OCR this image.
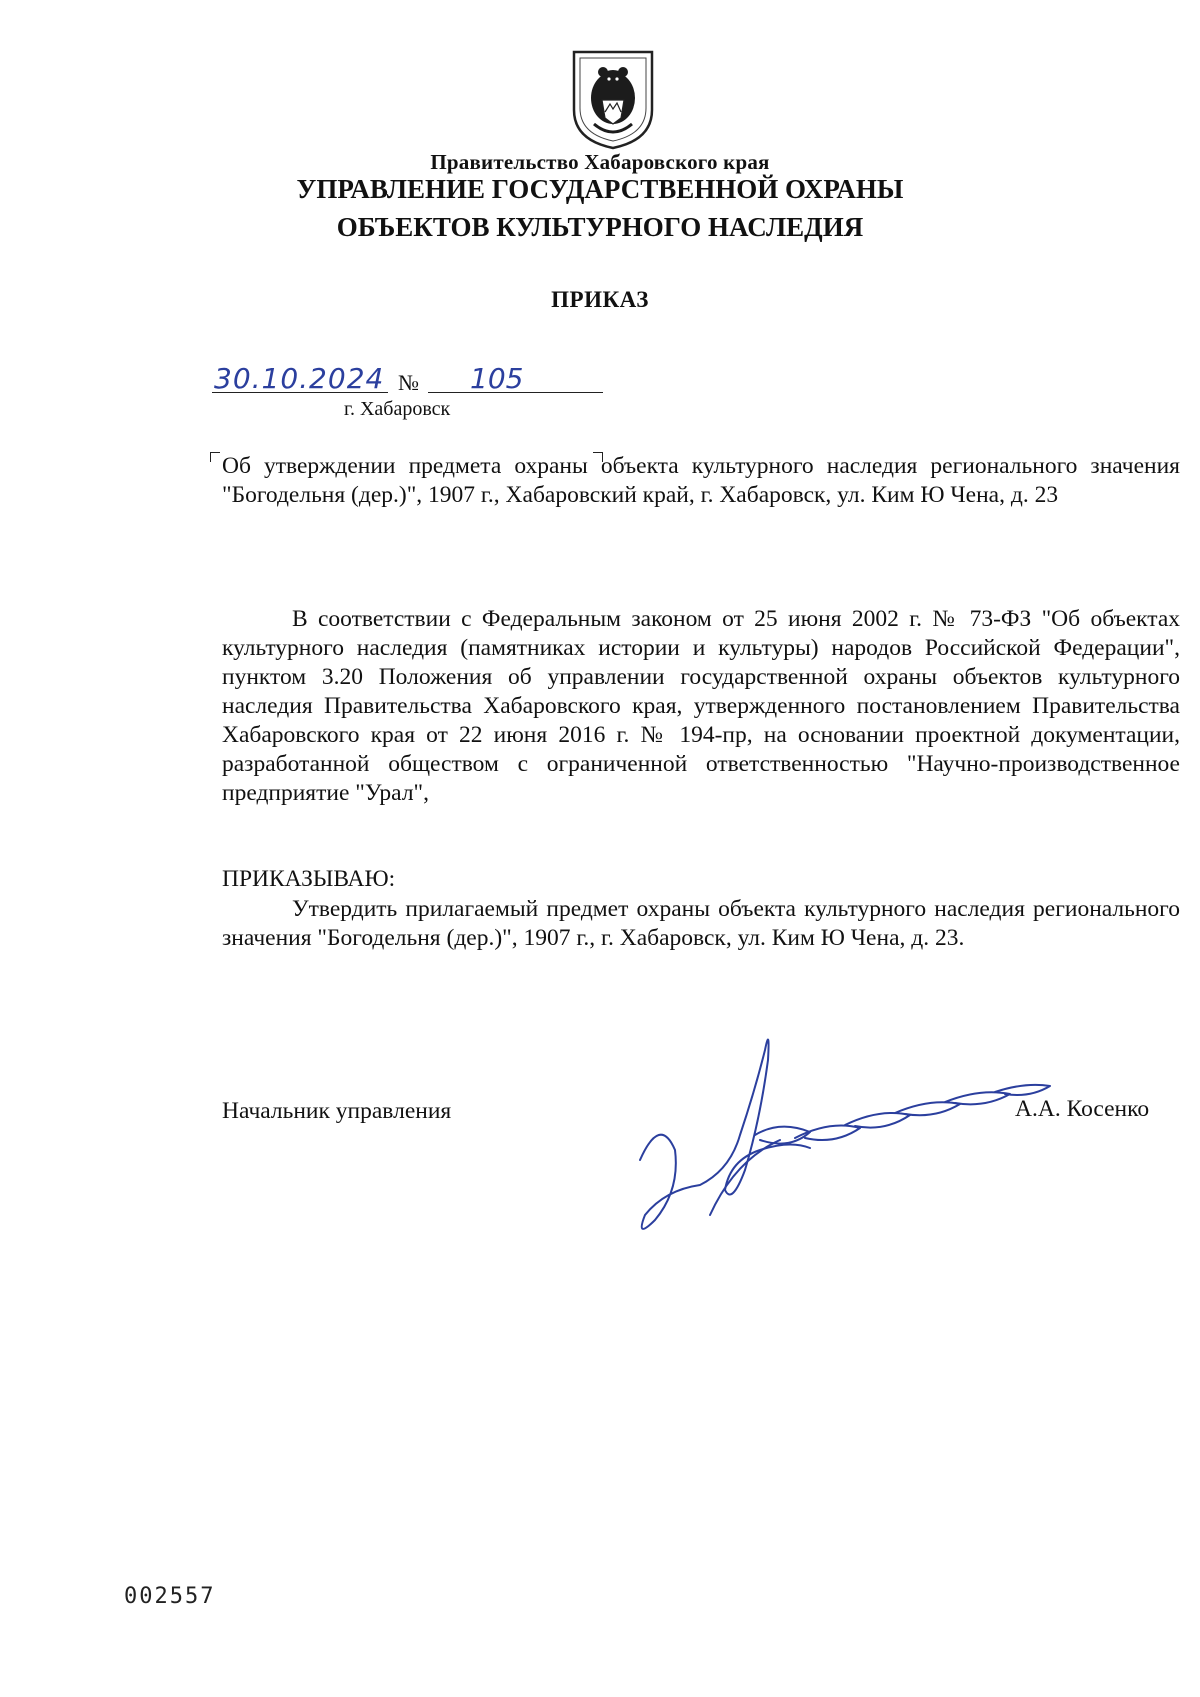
Правительство Хабаровского края
УПРАВЛЕНИЕ ГОСУДАРСТВЕННОЙ ОХРАНЫ
ОБЪЕКТОВ КУЛЬТУРНОГО НАСЛЕДИЯ
ПРИКАЗ
30.10.2024 № 105
г. Хабаровск
Об утверждении предмета охраны объекта культурного наследия регионального значения "Богодельня (дер.)", 1907 г., Хабаровский край, г. Хабаровск, ул. Ким Ю Чена, д. 23

В соответствии с Федеральным законом от 25 июня 2002 г. № 73-ФЗ "Об объектах культурного наследия (памятниках истории и культуры) народов Российской Федерации", пунктом 3.20 Положения об управлении государственной охраны объектов культурного наследия Правительства Хабаровского края, утвержденного постановлением Правительства Хабаровского края от 22 июня 2016 г. № 194-пр, на основании проектной документации, разработанной обществом с ограниченной ответственностью "Научно-производственное предприятие "Урал",

ПРИКАЗЫВАЮ:

Утвердить прилагаемый предмет охраны объекта культурного наследия регионального значения "Богодельня (дер.)", 1907 г., г. Хабаровск, ул. Ким Ю Чена, д. 23.

Начальник управления	А.А. Косенко
002557
